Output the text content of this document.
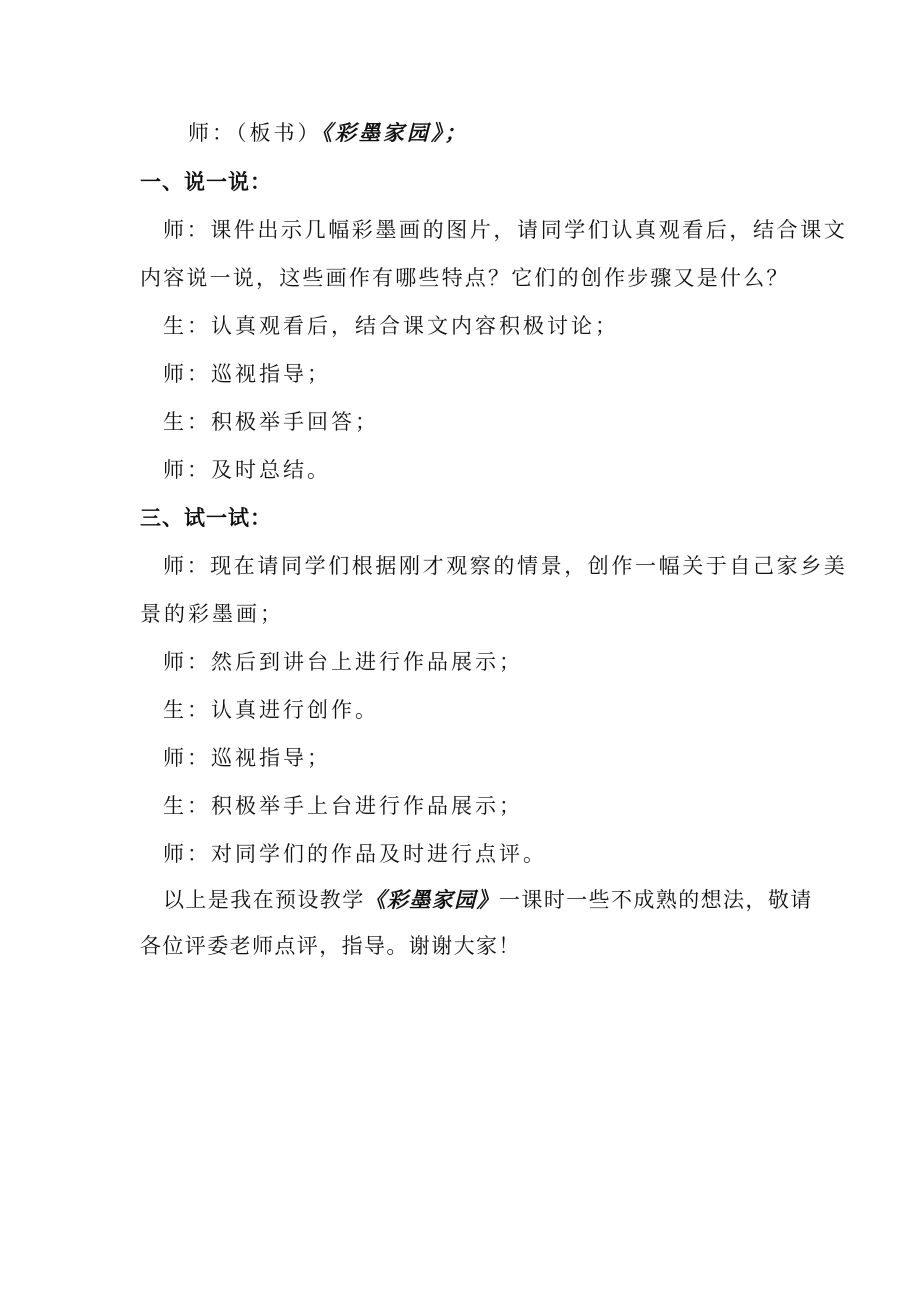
师：（板书）《彩墨家园》；
一、说一说：
师：课件出示几幅彩墨画的图片，请同学们认真观看后，结合课文
内容说一说，这些画作有哪些特点？它们的创作步骤又是什么？
生：认真观看后，结合课文内容积极讨论；
师：巡视指导；
生：积极举手回答；
师：及时总结。
三、试一试：
师：现在请同学们根据刚才观察的情景，创作一幅关于自己家乡美
景的彩墨画；
师：然后到讲台上进行作品展示；
生：认真进行创作。
师：巡视指导；
生：积极举手上台进行作品展示；
师：对同学们的作品及时进行点评。
以上是我在预设教学《彩墨家园》一课时一些不成熟的想法，敬请
各位评委老师点评，指导。谢谢大家！
